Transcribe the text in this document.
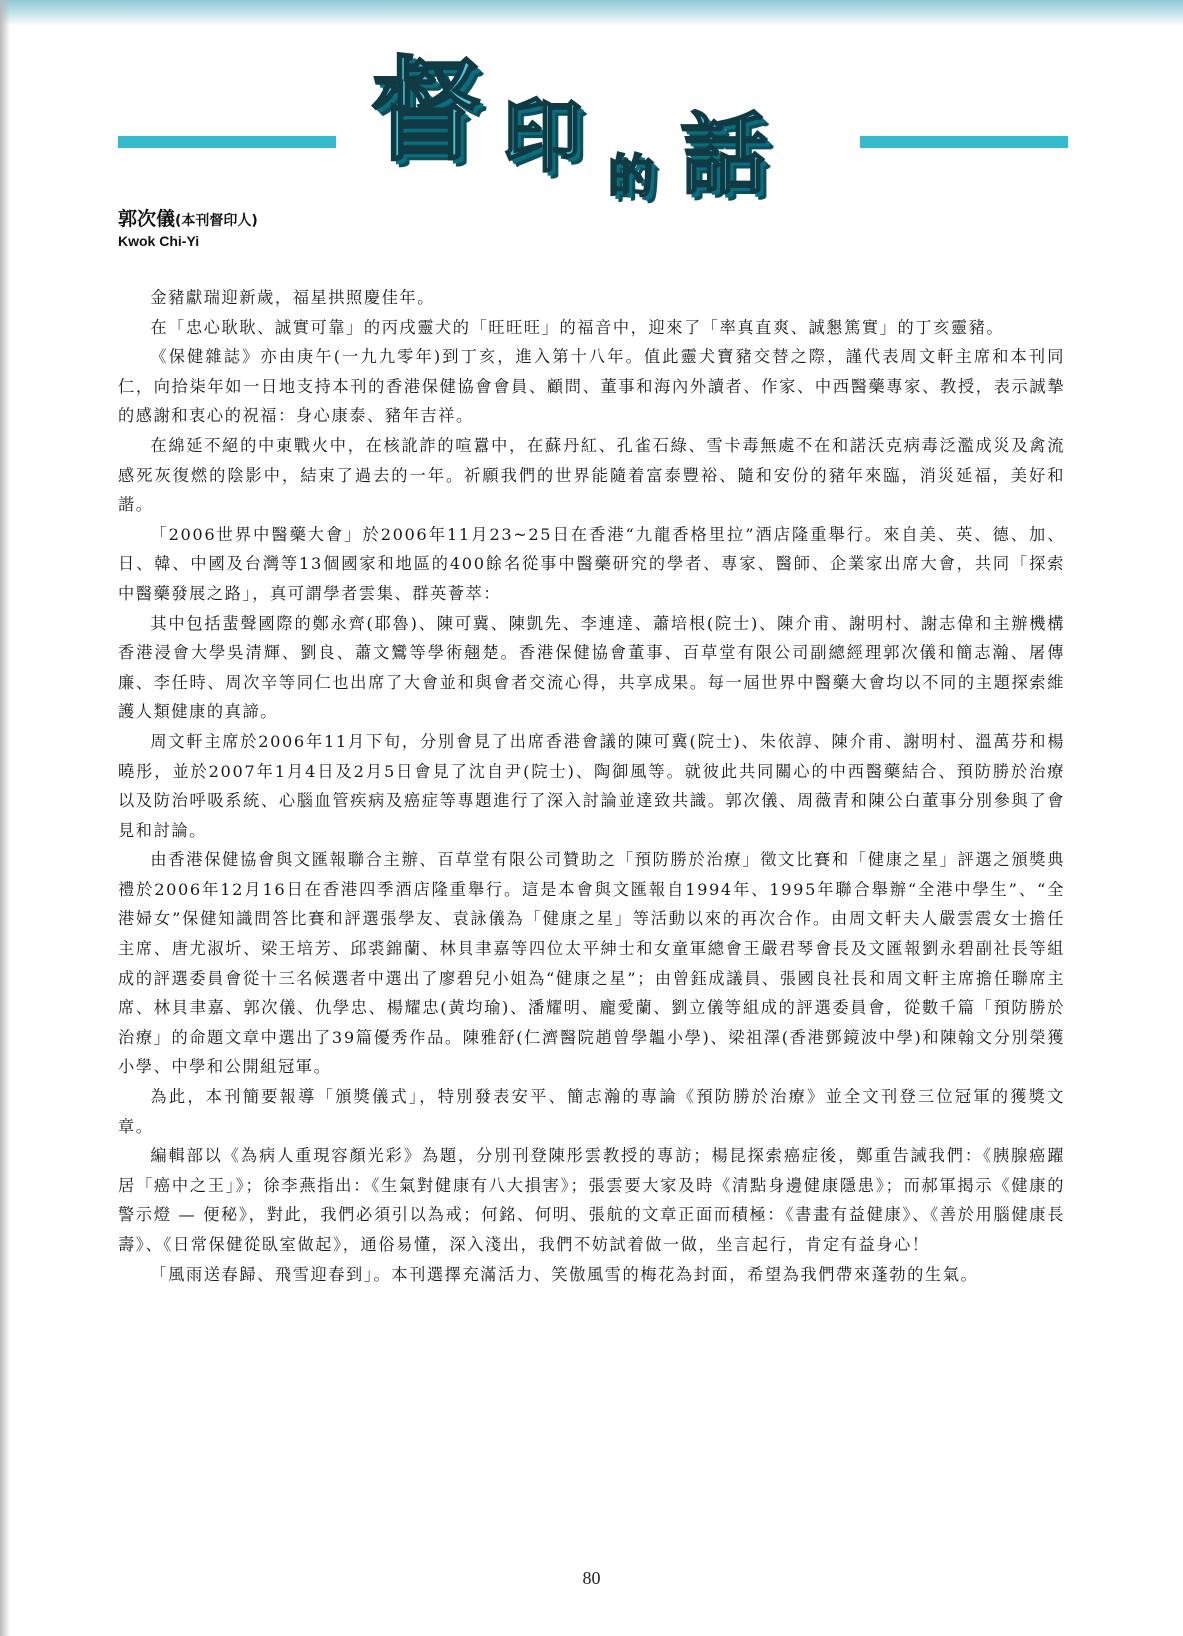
督 印 的 話
郭次儀(本刊督印人)
Kwok Chi-Yi

金豬獻瑞迎新歲，福星拱照慶佳年。

在「忠心耿耿、誠實可靠」的丙戌靈犬的「旺旺旺」的福音中，迎來了「率真直爽、誠懇篤實」的丁亥靈豬。

《保健雜誌》亦由庚午(一九九零年)到丁亥，進入第十八年。值此靈犬寶豬交替之際，謹代表周文軒主席和本刊同仁，向拾柒年如一日地支持本刊的香港保健協會會員、顧問、董事和海內外讀者、作家、中西醫藥專家、教授，表示誠摯的感謝和衷心的祝福：身心康泰、豬年吉祥。

在綿延不絕的中東戰火中，在核訛詐的喧囂中，在蘇丹紅、孔雀石綠、雪卡毒無處不在和諾沃克病毒泛濫成災及禽流感死灰復燃的陰影中，結束了過去的一年。祈願我們的世界能隨着富泰豐裕、隨和安份的豬年來臨，消災延福，美好和諧。

「2006世界中醫藥大會」於2006年11月23~25日在香港“九龍香格里拉”酒店隆重舉行。來自美、英、德、加、日、韓、中國及台灣等13個國家和地區的400餘名從事中醫藥研究的學者、專家、醫師、企業家出席大會，共同「探索中醫藥發展之路」，真可謂學者雲集、群英薈萃：

其中包括蜚聲國際的鄭永齊(耶魯)、陳可冀、陳凱先、李連達、蕭培根(院士)、陳介甫、謝明村、謝志偉和主辦機構香港浸會大學吳清輝、劉良、蕭文鸞等學術翹楚。香港保健協會董事、百草堂有限公司副總經理郭次儀和簡志瀚、屠傳廉、李任時、周次辛等同仁也出席了大會並和與會者交流心得，共享成果。每一屆世界中醫藥大會均以不同的主題探索維護人類健康的真諦。

周文軒主席於2006年11月下旬，分別會見了出席香港會議的陳可冀(院士)、朱依諄、陳介甫、謝明村、溫萬芬和楊曉彤，並於2007年1月4日及2月5日會見了沈自尹(院士)、陶御風等。就彼此共同關心的中西醫藥結合、預防勝於治療以及防治呼吸系統、心腦血管疾病及癌症等專題進行了深入討論並達致共識。郭次儀、周薇青和陳公白董事分別參與了會見和討論。

由香港保健協會與文匯報聯合主辦、百草堂有限公司贊助之「預防勝於治療」徵文比賽和「健康之星」評選之頒獎典禮於2006年12月16日在香港四季酒店隆重舉行。這是本會與文匯報自1994年、1995年聯合舉辦“全港中學生”、“全港婦女”保健知識問答比賽和評選張學友、袁詠儀為「健康之星」等活動以來的再次合作。由周文軒夫人嚴雲震女士擔任主席、唐尤淑圻、梁王培芳、邱裘錦蘭、林貝聿嘉等四位太平紳士和女童軍總會王嚴君琴會長及文匯報劉永碧副社長等組成的評選委員會從十三名候選者中選出了廖碧兒小姐為“健康之星”；由曾鈺成議員、張國良社長和周文軒主席擔任聯席主席、林貝聿嘉、郭次儀、仇學忠、楊耀忠(黃均瑜)、潘耀明、龐愛蘭、劉立儀等組成的評選委員會，從數千篇「預防勝於治療」的命題文章中選出了39篇優秀作品。陳雅舒(仁濟醫院趙曾學韞小學)、梁祖澤(香港鄧鏡波中學)和陳翰文分別榮獲小學、中學和公開組冠軍。

為此，本刊簡要報導「頒獎儀式」，特別發表安平、簡志瀚的專論《預防勝於治療》並全文刊登三位冠軍的獲獎文章。

編輯部以《為病人重現容顏光彩》為題，分別刊登陳彤雲教授的專訪；楊昆探索癌症後，鄭重告誡我們：《胰腺癌躍居「癌中之王」》；徐李燕指出：《生氣對健康有八大損害》；張雲要大家及時《清點身邊健康隱患》；而郝軍揭示《健康的警示燈 — 便秘》，對此，我們必須引以為戒；何銘、何明、張航的文章正面而積極：《書畫有益健康》、《善於用腦健康長壽》、《日常保健從臥室做起》，通俗易懂，深入淺出，我們不妨試着做一做，坐言起行，肯定有益身心！

「風雨送春歸、飛雪迎春到」。本刊選擇充滿活力、笑傲風雪的梅花為封面，希望為我們帶來蓬勃的生氣。

80
